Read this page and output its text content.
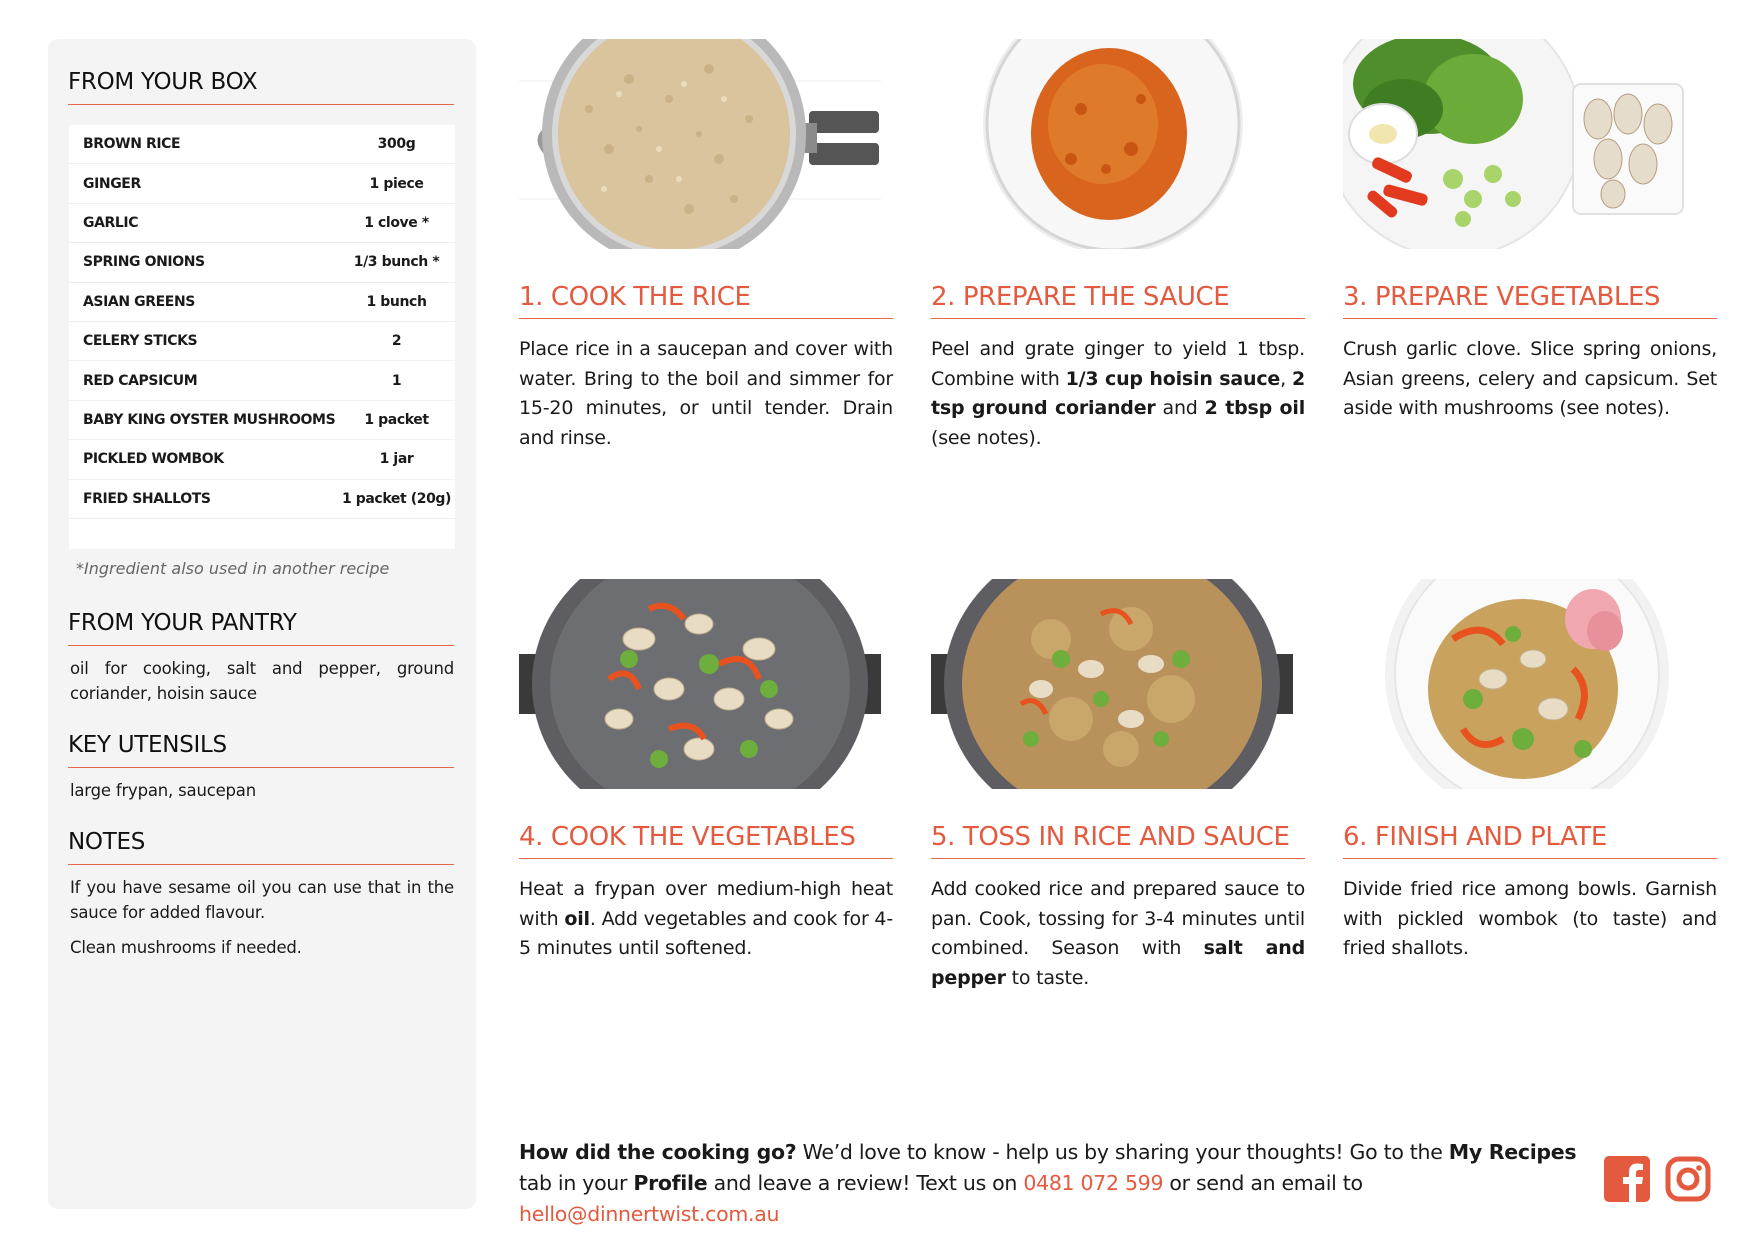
FROM YOUR BOX
BROWN RICE	300g
GINGER	1 piece
GARLIC	1 clove *
SPRING ONIONS	1/3 bunch *
ASIAN GREENS	1 bunch
CELERY STICKS	2
RED CAPSICUM	1
BABY KING OYSTER MUSHROOMS	1 packet
PICKLED WOMBOK	1 jar
FRIED SHALLOTS	1 packet (20g)
*Ingredient also used in another recipe
FROM YOUR PANTRY
oil for cooking, salt and pepper, ground coriander, hoisin sauce
KEY UTENSILS
large frypan, saucepan
NOTES

If you have sesame oil you can use that in the sauce for added flavour.

Clean mushrooms if needed.

1. COOK THE RICE
Place rice in a saucepan and cover with water. Bring to the boil and simmer for 15-20 minutes, or until tender. Drain and rinse.
2. PREPARE THE SAUCE
Peel and grate ginger to yield 1 tbsp. Combine with 1/3 cup hoisin sauce, 2 tsp ground coriander and 2 tbsp oil (see notes).
3. PREPARE VEGETABLES
Crush garlic clove. Slice spring onions, Asian greens, celery and capsicum. Set aside with mushrooms (see notes).
4. COOK THE VEGETABLES
Heat a frypan over medium-high heat with oil. Add vegetables and cook for 4-5 minutes until softened.
5. TOSS IN RICE AND SAUCE
Add cooked rice and prepared sauce to pan. Cook, tossing for 3-4 minutes until combined. Season with salt and pepper to taste.
6. FINISH AND PLATE
Divide fried rice among bowls. Garnish with pickled wombok (to taste) and fried shallots.
How did the cooking go? We’d love to know - help us by sharing your thoughts! Go to the My Recipes tab in your Profile and leave a review! Text us on 0481 072 599 or send an email to hello@dinnertwist.com.au
